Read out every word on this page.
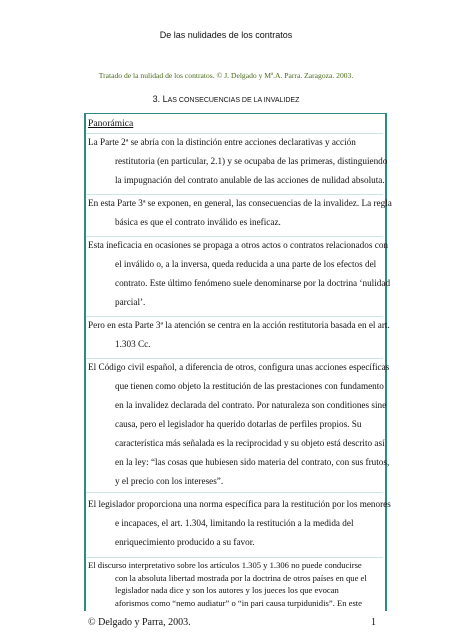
De las nulidades de los contratos
Tratado de la nulidad de los contratos. © J. Delgado y Mª.A. Parra. Zaragoza. 2003.
3. LAS CONSECUENCIAS DE LA INVALIDEZ
Panorámica
La Parte 2ª se abría con la distinción entre acciones declarativas y acción
restitutoria (en particular, 2.1) y se ocupaba de las primeras, distinguiendo
la impugnación del contrato anulable de las acciones de nulidad absoluta.
En esta Parte 3ª se exponen, en general, las consecuencias de la invalidez. La regla
básica es que el contrato inválido es ineficaz.
Esta ineficacia en ocasiones se propaga a otros actos o contratos relacionados con
el inválido o, a la inversa, queda reducida a una parte de los efectos del
contrato. Este último fenómeno suele denominarse por la doctrina ‘nulidad
parcial’.
Pero en esta Parte 3ª la atención se centra en la acción restitutoria basada en el art.
1.303 Cc.
El Código civil español, a diferencia de otros, configura unas acciones específicas
que tienen como objeto la restitución de las prestaciones con fundamento
en la invalidez declarada del contrato. Por naturaleza son conditiones sine
causa, pero el legislador ha querido dotarlas de perfiles propios. Su
característica más señalada es la reciprocidad y su objeto está descrito así
en la ley: “las cosas que hubiesen sido materia del contrato, con sus frutos,
y el precio con los intereses”.
El legislador proporciona una norma específica para la restitución por los menores
e incapaces, el art. 1.304, limitando la restitución a la medida del
enriquecimiento producido a su favor.
El discurso interpretativo sobre los artículos 1.305 y 1.306 no puede conducirse
con la absoluta libertad mostrada por la doctrina de otros países en que el
legislador nada dice y son los autores y los jueces los que evocan
aforismos como “nemo audiatur” o “in pari causa turpidunidis”. En este
© Delgado y Parra, 2003.	1
